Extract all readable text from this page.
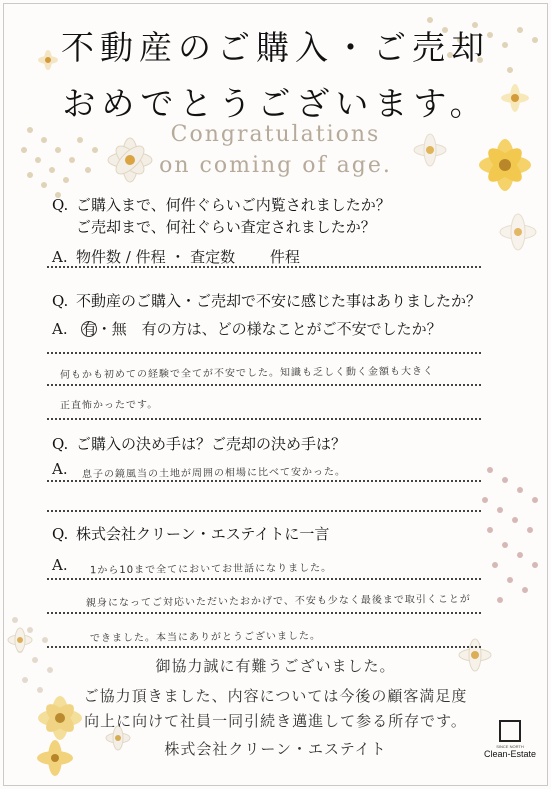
不動産のご購入・ご売却
おめでとうございます。
Congratulations
on coming of age.
Q. ご購入まで、何件ぐらいご内覧されましたか？
ご売却まで、何社ぐらい査定されましたか？
A. 物件数 / 件程 ・ 査定数 　　件程
Q. 不動産のご購入・ご売却で不安に感じた事はありましたか？
A. 有・無 有の方は、どの様なことがご不安でしたか？
何もかも初めての経験で全てが不安でした。知識も乏しく動く金額も大きく
正直怖かったです。
Q. ご購入の決め手は？ご売却の決め手は？
A.	息子の鏡風当の土地が周囲の相場に比べて安かった。
Q. 株式会社クリーン・エステイトに一言
A.	1から10まで全てにおいてお世話になりました。
親身になってご対応いただいたおかげで、不安も少なく最後まで取引くことが
できました。本当にありがとうございました。
御協力誠に有難うございました。
ご協力頂きました、内容については今後の顧客満足度
向上に向けて社員一同引続き邁進して参る所存です。
株式会社クリーン・エステイト	SINCE NORTH
Clean-Estate
